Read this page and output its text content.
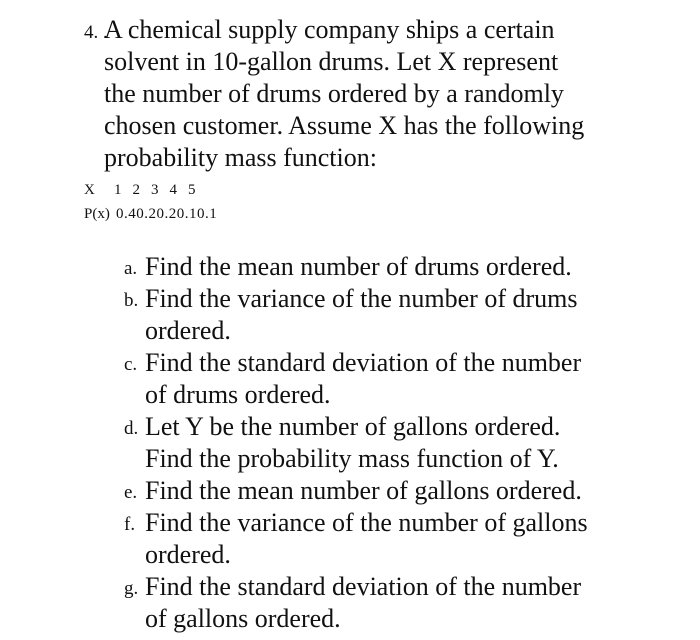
4. .
A chemical supply company ships a certain
solvent in 10-gallon drums. Let X represent
the number of drums ordered by a randomly
chosen customer. Assume X has the following
probability mass function:
X	1 2 3 4 5
P(x) 0.4 0.2 0.2 0.1 0.1
a. Find the mean number of drums ordered.
b. Find the variance of the number of drums
ordered.
c. Find the standard deviation of the number
of drums ordered.
d. Let Y be the number of gallons ordered.
Find the probability mass function of Y.
e. Find the mean number of gallons ordered.
f. Find the variance of the number of gallons
ordered.
g. Find the standard deviation of the number
of gallons ordered.
